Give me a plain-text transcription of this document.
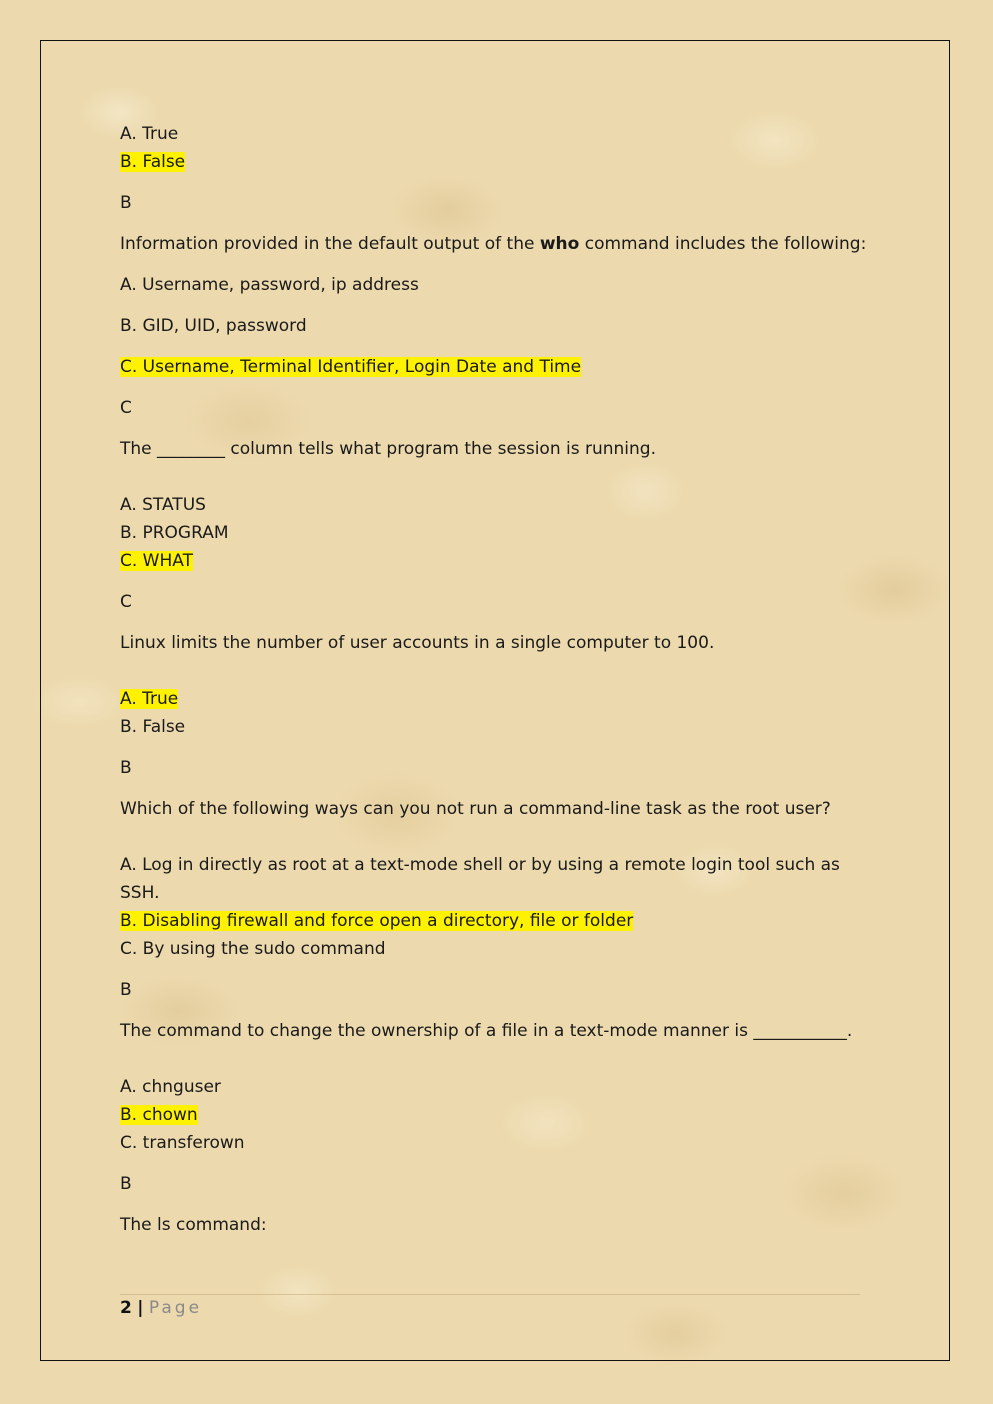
A. True
B. False
B
Information provided in the default output of the who command includes the following:
A. Username, password, ip address
B. GID, UID, password
C. Username, Terminal Identifier, Login Date and Time
C
The ________ column tells what program the session is running.
A. STATUS
B. PROGRAM
C. WHAT
C
Linux limits the number of user accounts in a single computer to 100.
A. True
B. False
B
Which of the following ways can you not run a command-line task as the root user?
A. Log in directly as root at a text-mode shell or by using a remote login tool such as SSH.
B. Disabling firewall and force open a directory, file or folder
C. By using the sudo command
B
The command to change the ownership of a file in a text-mode manner is ___________.
A. chnguser
B. chown
C. transferown
B
The ls command:
2 | Page
